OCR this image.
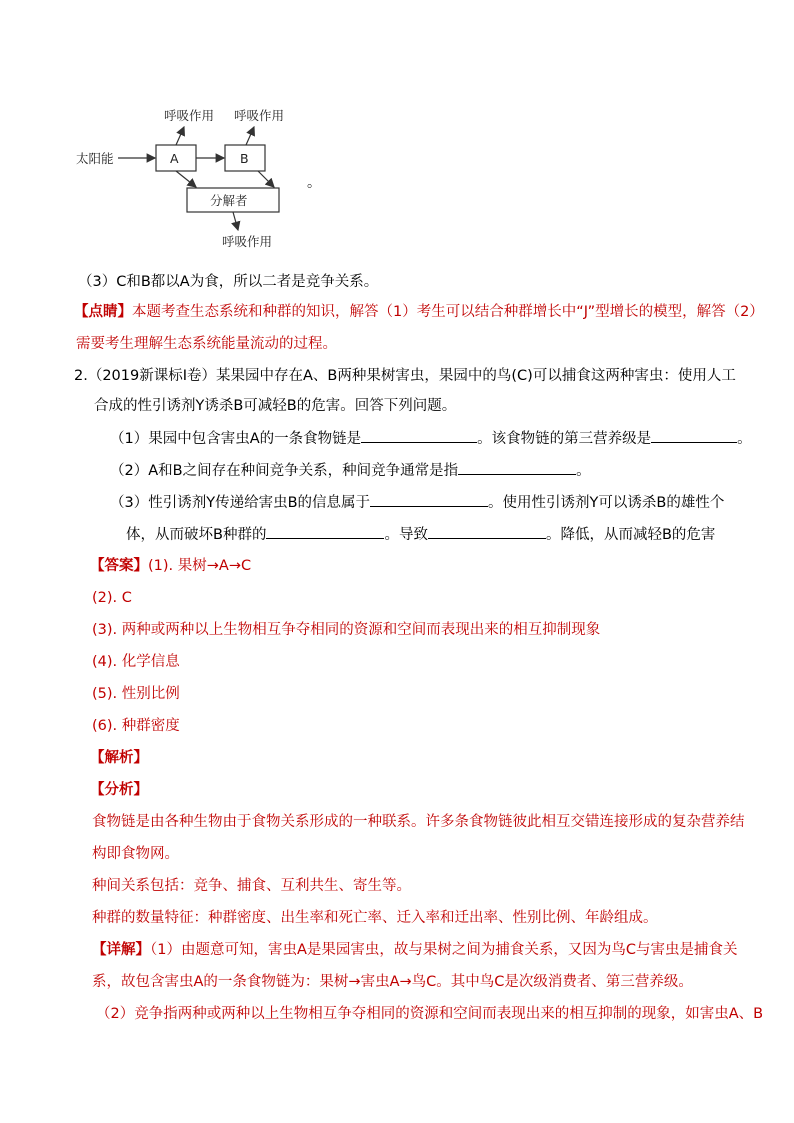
呼吸作用 呼吸作用
太阳能	A	B
分解者
呼吸作用
。
（3）C和B都以A为食，所以二者是竞争关系。
【点睛】本题考查生态系统和种群的知识，解答（1）考生可以结合种群增长中“J”型增长的模型，解答（2）
需要考生理解生态系统能量流动的过程。
2.（2019新课标Ⅰ卷）某果园中存在A、B两种果树害虫，果园中的鸟(C)可以捕食这两种害虫：使用人工
合成的性引诱剂Y诱杀B可减轻B的危害。回答下列问题。
（1）果园中包含害虫A的一条食物链是	。该食物链的第三营养级是	。
（2）A和B之间存在种间竞争关系，种间竞争通常是指	。
（3）性引诱剂Y传递给害虫B的信息属于	。使用性引诱剂Y可以诱杀B的雄性个
体，从而破坏B种群的	。导致	。降低，从而减轻B的危害
【答案】(1). 果树→A→C
(2). C
(3). 两种或两种以上生物相互争夺相同的资源和空间而表现出来的相互抑制现象
(4). 化学信息
(5). 性别比例
(6). 种群密度
【解析】
【分析】
食物链是由各种生物由于食物关系形成的一种联系。许多条食物链彼此相互交错连接形成的复杂营养结
构即食物网。
种间关系包括：竞争、捕食、互利共生、寄生等。
种群的数量特征：种群密度、出生率和死亡率、迁入率和迁出率、性别比例、年龄组成。
【详解】（1）由题意可知，害虫A是果园害虫，故与果树之间为捕食关系，又因为鸟C与害虫是捕食关
系，故包含害虫A的一条食物链为：果树→害虫A→鸟C。其中鸟C是次级消费者、第三营养级。
（2）竞争指两种或两种以上生物相互争夺相同的资源和空间而表现出来的相互抑制的现象，如害虫A、B
